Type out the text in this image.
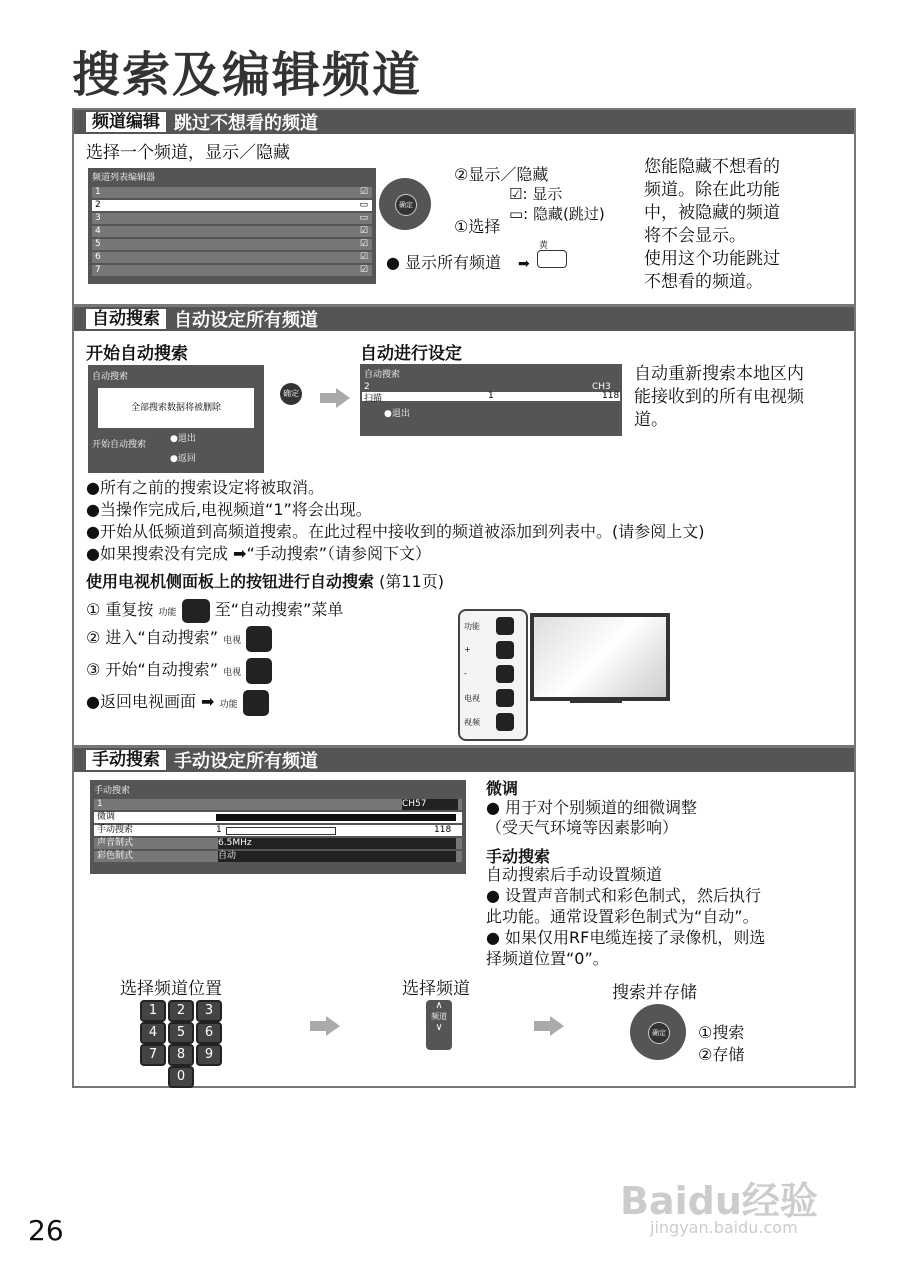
搜索及编辑频道
频道编辑 跳过不想看的频道
选择一个频道，显示／隐藏
频道列表编辑器
1	☑
2	▭
3	▭
4	☑
5	☑
6	☑
7	☑
确定
②显示／隐藏
☑: 显示
▭: 隐藏(跳过)
①选择
● 显示所有频道 ➡
黄
您能隐藏不想看的
频道。除在此功能
中，被隐藏的频道
将不会显示。
使用这个功能跳过
不想看的频道。
自动搜索 自动设定所有频道
开始自动搜索	自动进行设定
自动搜索
全部搜索数据将被删除
开始自动搜索
●退出
●返回
确定
自动搜索
2	CH3
扫描	1	118
●退出
自动重新搜索本地区内
能接收到的所有电视频
道。
●所有之前的搜索设定将被取消。
●当操作完成后,电视频道“1”将会出现。
●开始从低频道到高频道搜索。在此过程中接收到的频道被添加到列表中。(请参阅上文)
●如果搜索没有完成 ➡“手动搜索”（请参阅下文）
使用电视机侧面板上的按钮进行自动搜索 (第11页)
① 重复按 功能 至“自动搜索”菜单
② 进入“自动搜索” 电视
③ 开始“自动搜索” 电视
●返回电视画面 ➡ 功能
功能
+
-
电视
视频
手动搜索 手动设定所有频道
手动搜索
1	CH57
微调
手动搜索	1	118
声音制式	6.5MHz
彩色制式	自动
微调
● 用于对个别频道的细微调整
（受天气环境等因素影响）
手动搜索
自动搜索后手动设置频道
● 设置声音制式和彩色制式，然后执行
此功能。通常设置彩色制式为“自动”。
● 如果仅用RF电缆连接了录像机，则选
择频道位置“0”。
选择频道位置	选择频道	搜索并存储
1	2	3
4	5	6
7	8	9
0
∧
频道
∨	确定 ①搜索
②存储
Baidu经验
jingyan.baidu.com
26
